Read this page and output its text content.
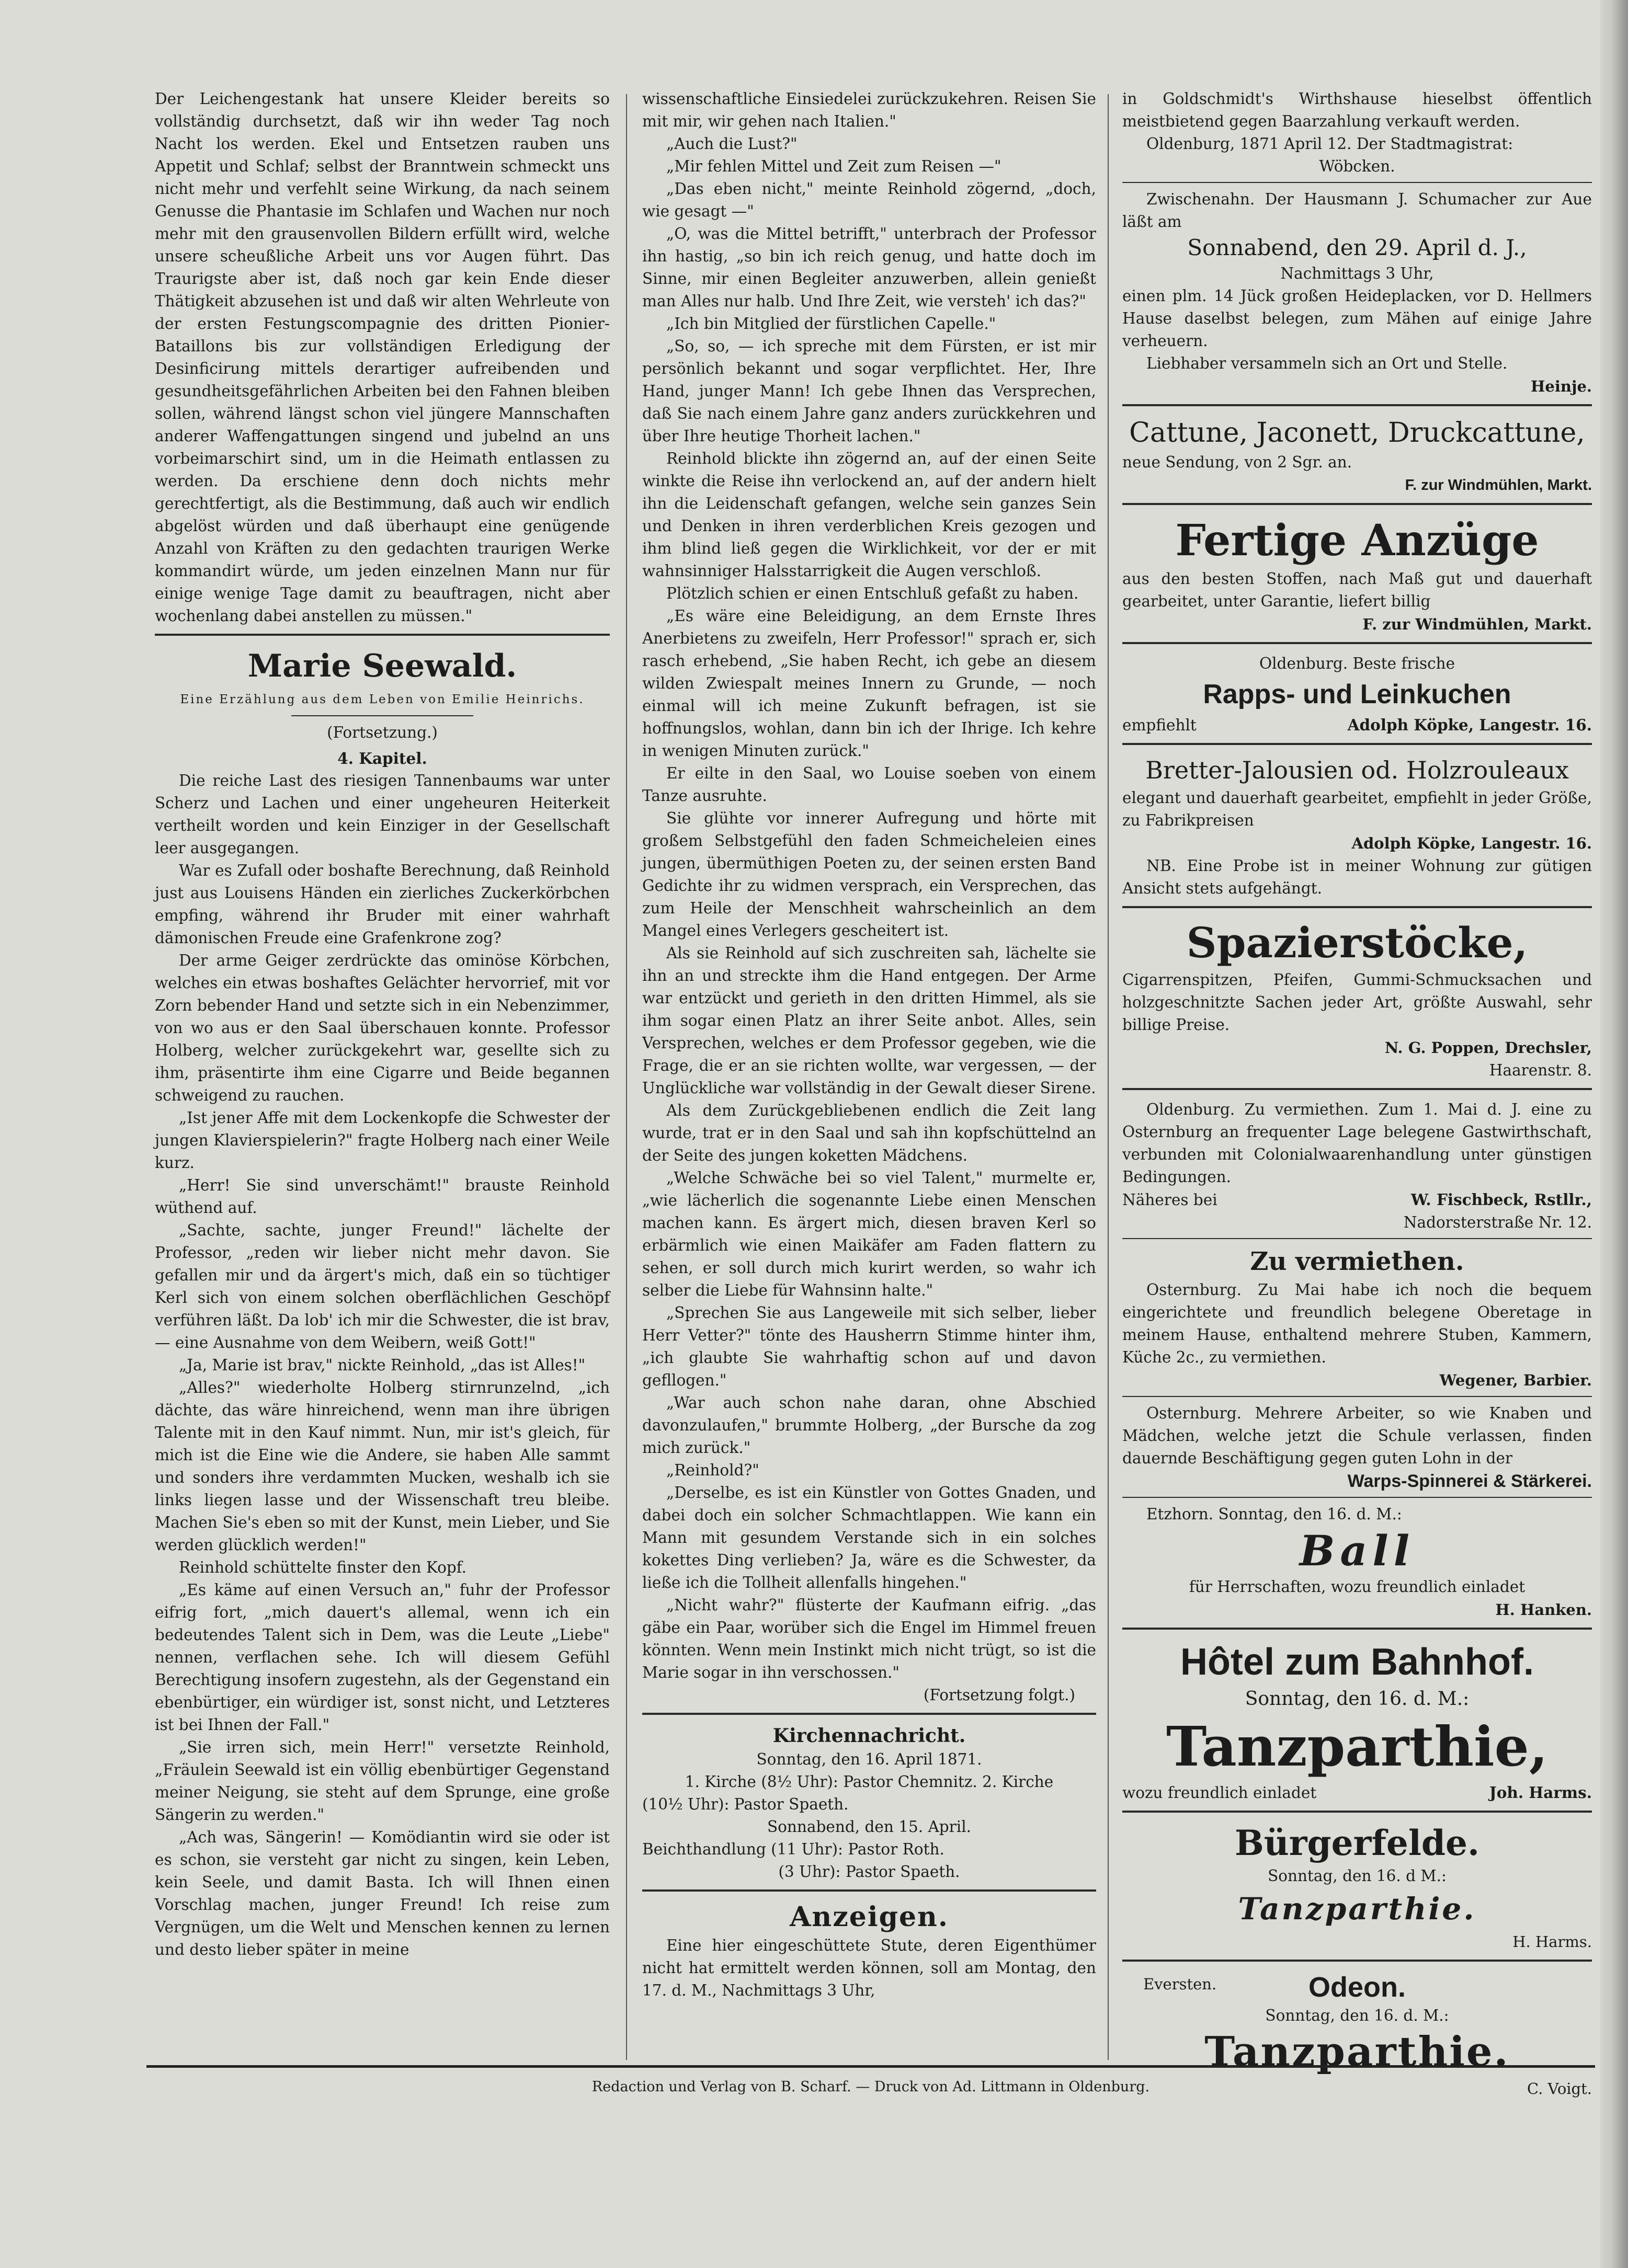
Der Leichengestank hat unsere Kleider bereits so vollständig durchsetzt, daß wir ihn weder Tag noch Nacht los werden. Ekel und Entsetzen rauben uns Appetit und Schlaf; selbst der Branntwein schmeckt uns nicht mehr und verfehlt seine Wirkung, da nach seinem Genusse die Phantasie im Schlafen und Wachen nur noch mehr mit den grausenvollen Bildern erfüllt wird, welche unsere scheußliche Arbeit uns vor Augen führt. Das Traurigste aber ist, daß noch gar kein Ende dieser Thätigkeit abzusehen ist und daß wir alten Wehrleute von der ersten Festungscompagnie des dritten Pionier-Bataillons bis zur vollständigen Erledigung der Desinficirung mittels derartiger aufreibenden und gesundheitsgefährlichen Arbeiten bei den Fahnen bleiben sollen, während längst schon viel jüngere Mannschaften anderer Waffengattungen singend und jubelnd an uns vorbeimarschirt sind, um in die Heimath entlassen zu werden. Da erschiene denn doch nichts mehr gerechtfertigt, als die Bestimmung, daß auch wir endlich abgelöst würden und daß überhaupt eine genügende Anzahl von Kräften zu den gedachten traurigen Werke kommandirt würde, um jeden einzelnen Mann nur für einige wenige Tage damit zu beauftragen, nicht aber wochenlang dabei anstellen zu müssen."

Marie Seewald.
Eine Erzählung aus dem Leben von Emilie Heinrichs.

(Fortsetzung.)

4. Kapitel.

Die reiche Last des riesigen Tannenbaums war unter Scherz und Lachen und einer ungeheuren Heiterkeit vertheilt worden und kein Einziger in der Gesellschaft leer ausgegangen.

War es Zufall oder boshafte Berechnung, daß Reinhold just aus Louisens Händen ein zierliches Zuckerkörbchen empfing, während ihr Bruder mit einer wahrhaft dämonischen Freude eine Grafenkrone zog?

Der arme Geiger zerdrückte das ominöse Körbchen, welches ein etwas boshaftes Gelächter hervorrief, mit vor Zorn bebender Hand und setzte sich in ein Nebenzimmer, von wo aus er den Saal überschauen konnte. Professor Holberg, welcher zurückgekehrt war, gesellte sich zu ihm, präsentirte ihm eine Cigarre und Beide begannen schweigend zu rauchen.

„Ist jener Affe mit dem Lockenkopfe die Schwester der jungen Klavierspielerin?" fragte Holberg nach einer Weile kurz.

„Herr! Sie sind unverschämt!" brauste Reinhold wüthend auf.

„Sachte, sachte, junger Freund!" lächelte der Professor, „reden wir lieber nicht mehr davon. Sie gefallen mir und da ärgert's mich, daß ein so tüchtiger Kerl sich von einem solchen oberflächlichen Geschöpf verführen läßt. Da lob' ich mir die Schwester, die ist brav, — eine Ausnahme von dem Weibern, weiß Gott!"

„Ja, Marie ist brav," nickte Reinhold, „das ist Alles!"

„Alles?" wiederholte Holberg stirnrunzelnd, „ich dächte, das wäre hinreichend, wenn man ihre übrigen Talente mit in den Kauf nimmt. Nun, mir ist's gleich, für mich ist die Eine wie die Andere, sie haben Alle sammt und sonders ihre verdammten Mucken, weshalb ich sie links liegen lasse und der Wissenschaft treu bleibe. Machen Sie's eben so mit der Kunst, mein Lieber, und Sie werden glücklich werden!"

Reinhold schüttelte finster den Kopf.

„Es käme auf einen Versuch an," fuhr der Professor eifrig fort, „mich dauert's allemal, wenn ich ein bedeutendes Talent sich in Dem, was die Leute „Liebe" nennen, verflachen sehe. Ich will diesem Gefühl Berechtigung insofern zugestehn, als der Gegenstand ein ebenbürtiger, ein würdiger ist, sonst nicht, und Letzteres ist bei Ihnen der Fall."

„Sie irren sich, mein Herr!" versetzte Reinhold, „Fräulein Seewald ist ein völlig ebenbürtiger Gegenstand meiner Neigung, sie steht auf dem Sprunge, eine große Sängerin zu werden."

„Ach was, Sängerin! — Komödiantin wird sie oder ist es schon, sie versteht gar nicht zu singen, kein Leben, kein Seele, und damit Basta. Ich will Ihnen einen Vorschlag machen, junger Freund! Ich reise zum Vergnügen, um die Welt und Menschen kennen zu lernen und desto lieber später in meine

wissenschaftliche Einsiedelei zurückzukehren. Reisen Sie mit mir, wir gehen nach Italien."

„Auch die Lust?"

„Mir fehlen Mittel und Zeit zum Reisen —"

„Das eben nicht," meinte Reinhold zögernd, „doch, wie gesagt —"

„O, was die Mittel betrifft," unterbrach der Professor ihn hastig, „so bin ich reich genug, und hatte doch im Sinne, mir einen Begleiter anzuwerben, allein genießt man Alles nur halb. Und Ihre Zeit, wie versteh' ich das?"

„Ich bin Mitglied der fürstlichen Capelle."

„So, so, — ich spreche mit dem Fürsten, er ist mir persönlich bekannt und sogar verpflichtet. Her, Ihre Hand, junger Mann! Ich gebe Ihnen das Versprechen, daß Sie nach einem Jahre ganz anders zurückkehren und über Ihre heutige Thorheit lachen."

Reinhold blickte ihn zögernd an, auf der einen Seite winkte die Reise ihn verlockend an, auf der andern hielt ihn die Leidenschaft gefangen, welche sein ganzes Sein und Denken in ihren verderblichen Kreis gezogen und ihm blind ließ gegen die Wirklichkeit, vor der er mit wahnsinniger Halsstarrigkeit die Augen verschloß.

Plötzlich schien er einen Entschluß gefaßt zu haben.

„Es wäre eine Beleidigung, an dem Ernste Ihres Anerbietens zu zweifeln, Herr Professor!" sprach er, sich rasch erhebend, „Sie haben Recht, ich gebe an diesem wilden Zwiespalt meines Innern zu Grunde, — noch einmal will ich meine Zukunft befragen, ist sie hoffnungslos, wohlan, dann bin ich der Ihrige. Ich kehre in wenigen Minuten zurück."

Er eilte in den Saal, wo Louise soeben von einem Tanze ausruhte.

Sie glühte vor innerer Aufregung und hörte mit großem Selbstgefühl den faden Schmeicheleien eines jungen, übermüthigen Poeten zu, der seinen ersten Band Gedichte ihr zu widmen versprach, ein Versprechen, das zum Heile der Menschheit wahrscheinlich an dem Mangel eines Verlegers gescheitert ist.

Als sie Reinhold auf sich zuschreiten sah, lächelte sie ihn an und streckte ihm die Hand entgegen. Der Arme war entzückt und gerieth in den dritten Himmel, als sie ihm sogar einen Platz an ihrer Seite anbot. Alles, sein Versprechen, welches er dem Professor gegeben, wie die Frage, die er an sie richten wollte, war vergessen, — der Unglückliche war vollständig in der Gewalt dieser Sirene.

Als dem Zurückgebliebenen endlich die Zeit lang wurde, trat er in den Saal und sah ihn kopfschüttelnd an der Seite des jungen koketten Mädchens.

„Welche Schwäche bei so viel Talent," murmelte er, „wie lächerlich die sogenannte Liebe einen Menschen machen kann. Es ärgert mich, diesen braven Kerl so erbärmlich wie einen Maikäfer am Faden flattern zu sehen, er soll durch mich kurirt werden, so wahr ich selber die Liebe für Wahnsinn halte."

„Sprechen Sie aus Langeweile mit sich selber, lieber Herr Vetter?" tönte des Hausherrn Stimme hinter ihm, „ich glaubte Sie wahrhaftig schon auf und davon gefllogen."

„War auch schon nahe daran, ohne Abschied davonzulaufen," brummte Holberg, „der Bursche da zog mich zurück."

„Reinhold?"

„Derselbe, es ist ein Künstler von Gottes Gnaden, und dabei doch ein solcher Schmachtlappen. Wie kann ein Mann mit gesundem Verstande sich in ein solches kokettes Ding verlieben? Ja, wäre es die Schwester, da ließe ich die Tollheit allenfalls hingehen."

„Nicht wahr?" flüsterte der Kaufmann eifrig. „das gäbe ein Paar, worüber sich die Engel im Himmel freuen könnten. Wenn mein Instinkt mich nicht trügt, so ist die Marie sogar in ihn verschossen."

(Fortsetzung folgt.)

Kirchennachricht.

Sonntag, den 16. April 1871.

1. Kirche (8½ Uhr): Pastor Chemnitz. 2. Kirche

(10½ Uhr): Pastor Spaeth.

Sonnabend, den 15. April.

Beichthandlung (11 Uhr): Pastor Roth.

(3 Uhr): Pastor Spaeth.

Anzeigen.

Eine hier eingeschüttete Stute, deren Eigenthümer nicht hat ermittelt werden können, soll am Montag, den 17. d. M., Nachmittags 3 Uhr,

in Goldschmidt's Wirthshause hieselbst öffentlich meistbietend gegen Baarzahlung verkauft werden.

Oldenburg, 1871 April 12. Der Stadtmagistrat:

Wöbcken.

Zwischenahn. Der Hausmann J. Schumacher zur Aue läßt am

Sonnabend, den 29. April d. J.,

Nachmittags 3 Uhr,

einen plm. 14 Jück großen Heideplacken, vor D. Hellmers Hause daselbst belegen, zum Mähen auf einige Jahre verheuern.

Liebhaber versammeln sich an Ort und Stelle.

Heinje.

Cattune, Jaconett, Druckcattune,

neue Sendung, von 2 Sgr. an.

F. zur Windmühlen, Markt.
Fertige Anzüge

aus den besten Stoffen, nach Maß gut und dauerhaft gearbeitet, unter Garantie, liefert billig

F. zur Windmühlen, Markt.

Oldenburg. Beste frische

Rapps- und Leinkuchen
empfiehlt	Adolph Köpke, Langestr. 16.

Bretter-Jalousien od. Holzrouleaux

elegant und dauerhaft gearbeitet, empfiehlt in jeder Größe, zu Fabrikpreisen

Adolph Köpke, Langestr. 16.

NB. Eine Probe ist in meiner Wohnung zur gütigen Ansicht stets aufgehängt.

Spazierstöcke,

Cigarrenspitzen, Pfeifen, Gummi-Schmucksachen und holzgeschnitzte Sachen jeder Art, größte Auswahl, sehr billige Preise.

N. G. Poppen, Drechsler,

Haarenstr. 8.

Oldenburg. Zu vermiethen. Zum 1. Mai d. J. eine zu Osternburg an frequenter Lage belegene Gastwirthschaft, verbunden mit Colonialwaarenhandlung unter günstigen Bedingungen.

Näheres bei	W. Fischbeck, Rstllr.,

Nadorsterstraße Nr. 12.

Zu vermiethen.

Osternburg. Zu Mai habe ich noch die bequem eingerichtete und freundlich belegene Oberetage in meinem Hause, enthaltend mehrere Stuben, Kammern, Küche 2c., zu vermiethen.

Wegener, Barbier.

Osternburg. Mehrere Arbeiter, so wie Knaben und Mädchen, welche jetzt die Schule verlassen, finden dauernde Beschäftigung gegen guten Lohn in der

Warps-Spinnerei & Stärkerei.

Etzhorn. Sonntag, den 16. d. M.:

Ball

für Herrschaften, wozu freundlich einladet

H. Hanken.
Hôtel zum Bahnhof.

Sonntag, den 16. d. M.:

Tanzparthie,
wozu freundlich einladet	Joh. Harms.
Bürgerfelde.

Sonntag, den 16. d M.:

Tanzparthie.
H. Harms.
Eversten.	Odeon.

Sonntag, den 16. d. M.:

Tanzparthie.
C. Voigt.
Redaction und Verlag von B. Scharf. — Druck von Ad. Littmann in Oldenburg.
